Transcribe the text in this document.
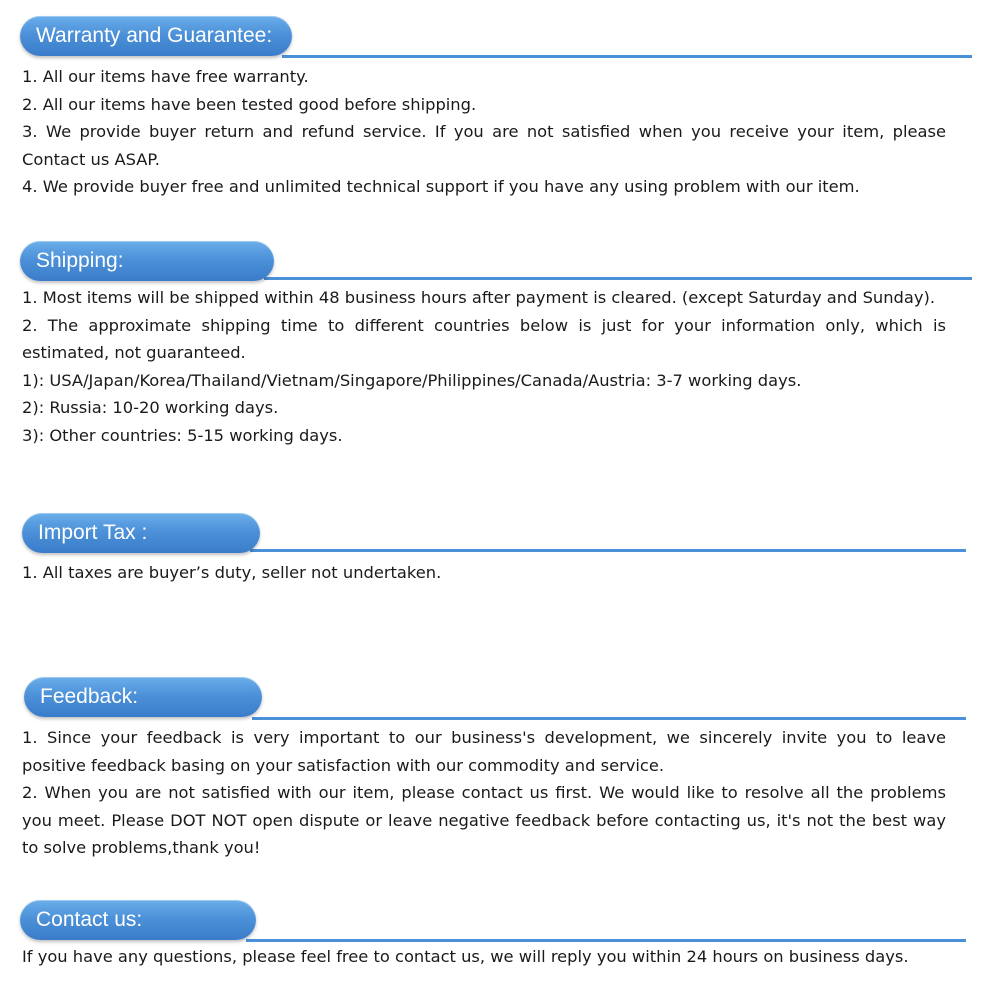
Warranty and Guarantee:

1. All our items have free warranty.

2. All our items have been tested good before shipping.

3. We provide buyer return and refund service. If you are not satisfied when you receive your item, please Contact us ASAP.

4. We provide buyer free and unlimited technical support if you have any using problem with our item.

Shipping:

1. Most items will be shipped within 48 business hours after payment is cleared. (except Saturday and Sunday).

2. The approximate shipping time to different countries below is just for your information only, which is estimated, not guaranteed.

1): USA/Japan/Korea/Thailand/Vietnam/Singapore/Philippines/Canada/Austria: 3-7 working days.

2): Russia: 10-20 working days.

3): Other countries: 5-15 working days.

Import Tax :

1. All taxes are buyer’s duty, seller not undertaken.

Feedback:

1. Since your feedback is very important to our business's development, we sincerely invite you to leave positive feedback basing on your satisfaction with our commodity and service.

2. When you are not satisfied with our item, please contact us first. We would like to resolve all the problems you meet. Please DOT NOT open dispute or leave negative feedback before contacting us, it's not the best way to solve problems,thank you!

Contact us:

If you have any questions, please feel free to contact us, we will reply you within 24 hours on business days.
